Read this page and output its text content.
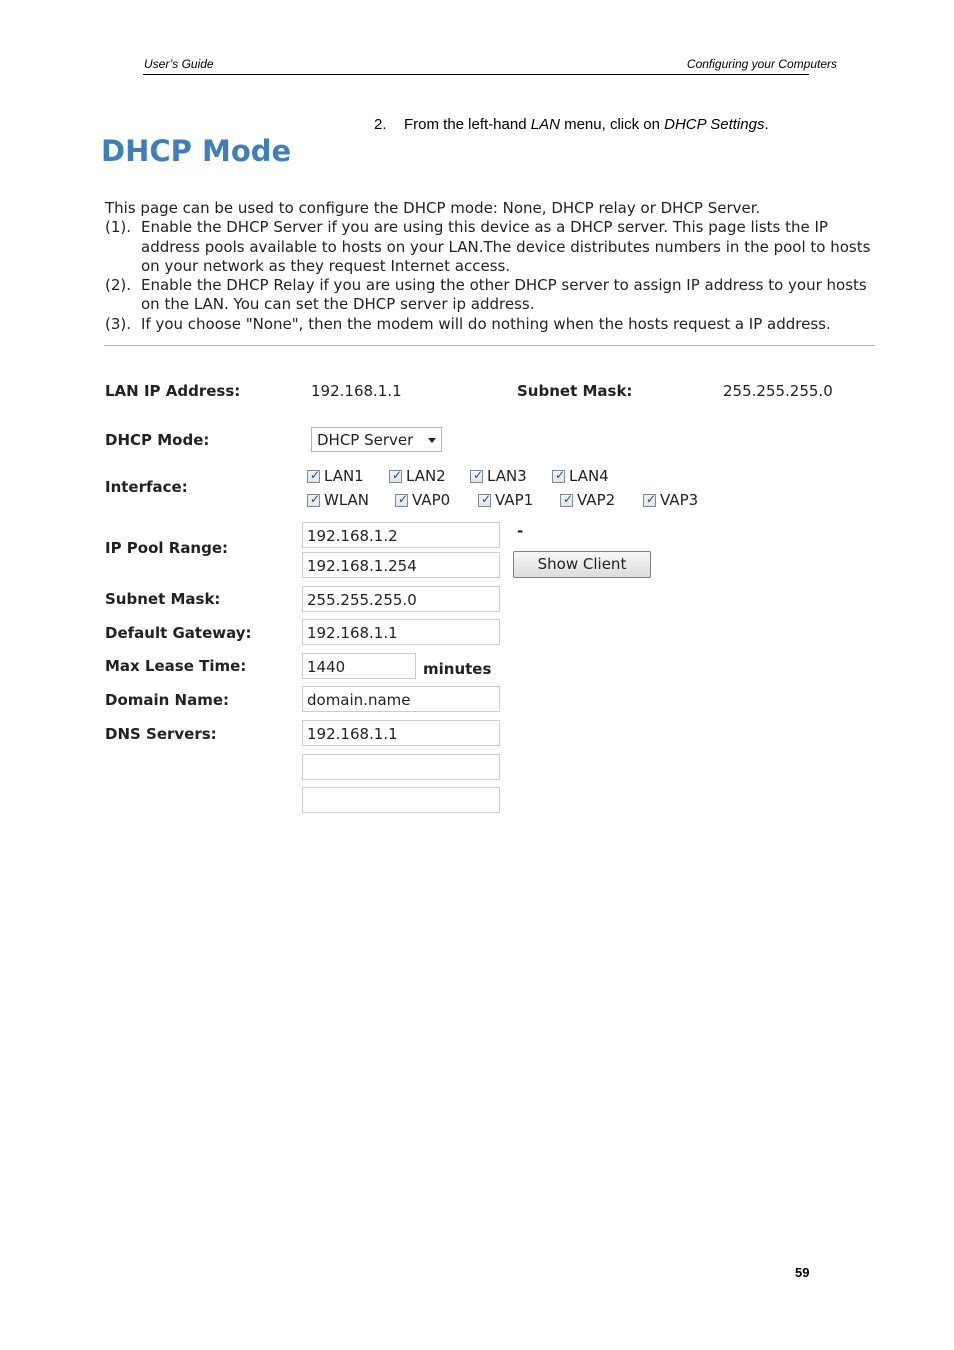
User’s Guide	Configuring your Computers
2. From the left-hand LAN menu, click on DHCP Settings.
DHCP Mode

This page can be used to configure the DHCP mode: None, DHCP relay or DHCP Server.

(1). Enable the DHCP Server if you are using this device as a DHCP server. This page lists the IP address pools available to hosts on your LAN.The device distributes numbers in the pool to hosts on your network as they request Internet access.
(2). Enable the DHCP Relay if you are using the other DHCP server to assign IP address to your hosts on the LAN. You can set the DHCP server ip address.
(3). If you choose "None", then the modem will do nothing when the hosts request a IP address.
LAN IP Address:	192.168.1.1	Subnet Mask:	255.255.255.0
DHCP Mode:	DHCP Server
Interface:
✓ LAN1 ✓ LAN2 ✓ LAN3 ✓ LAN4
✓ WLAN ✓ VAP0	✓ VAP1 ✓ VAP2	✓ VAP3
IP Pool Range:
192.168.1.2	-
192.168.1.254	Show Client
Subnet Mask:	255.255.255.0
Default Gateway:	192.168.1.1
Max Lease Time:	1440	minutes
Domain Name:	domain.name
DNS Servers:	192.168.1.1
59
